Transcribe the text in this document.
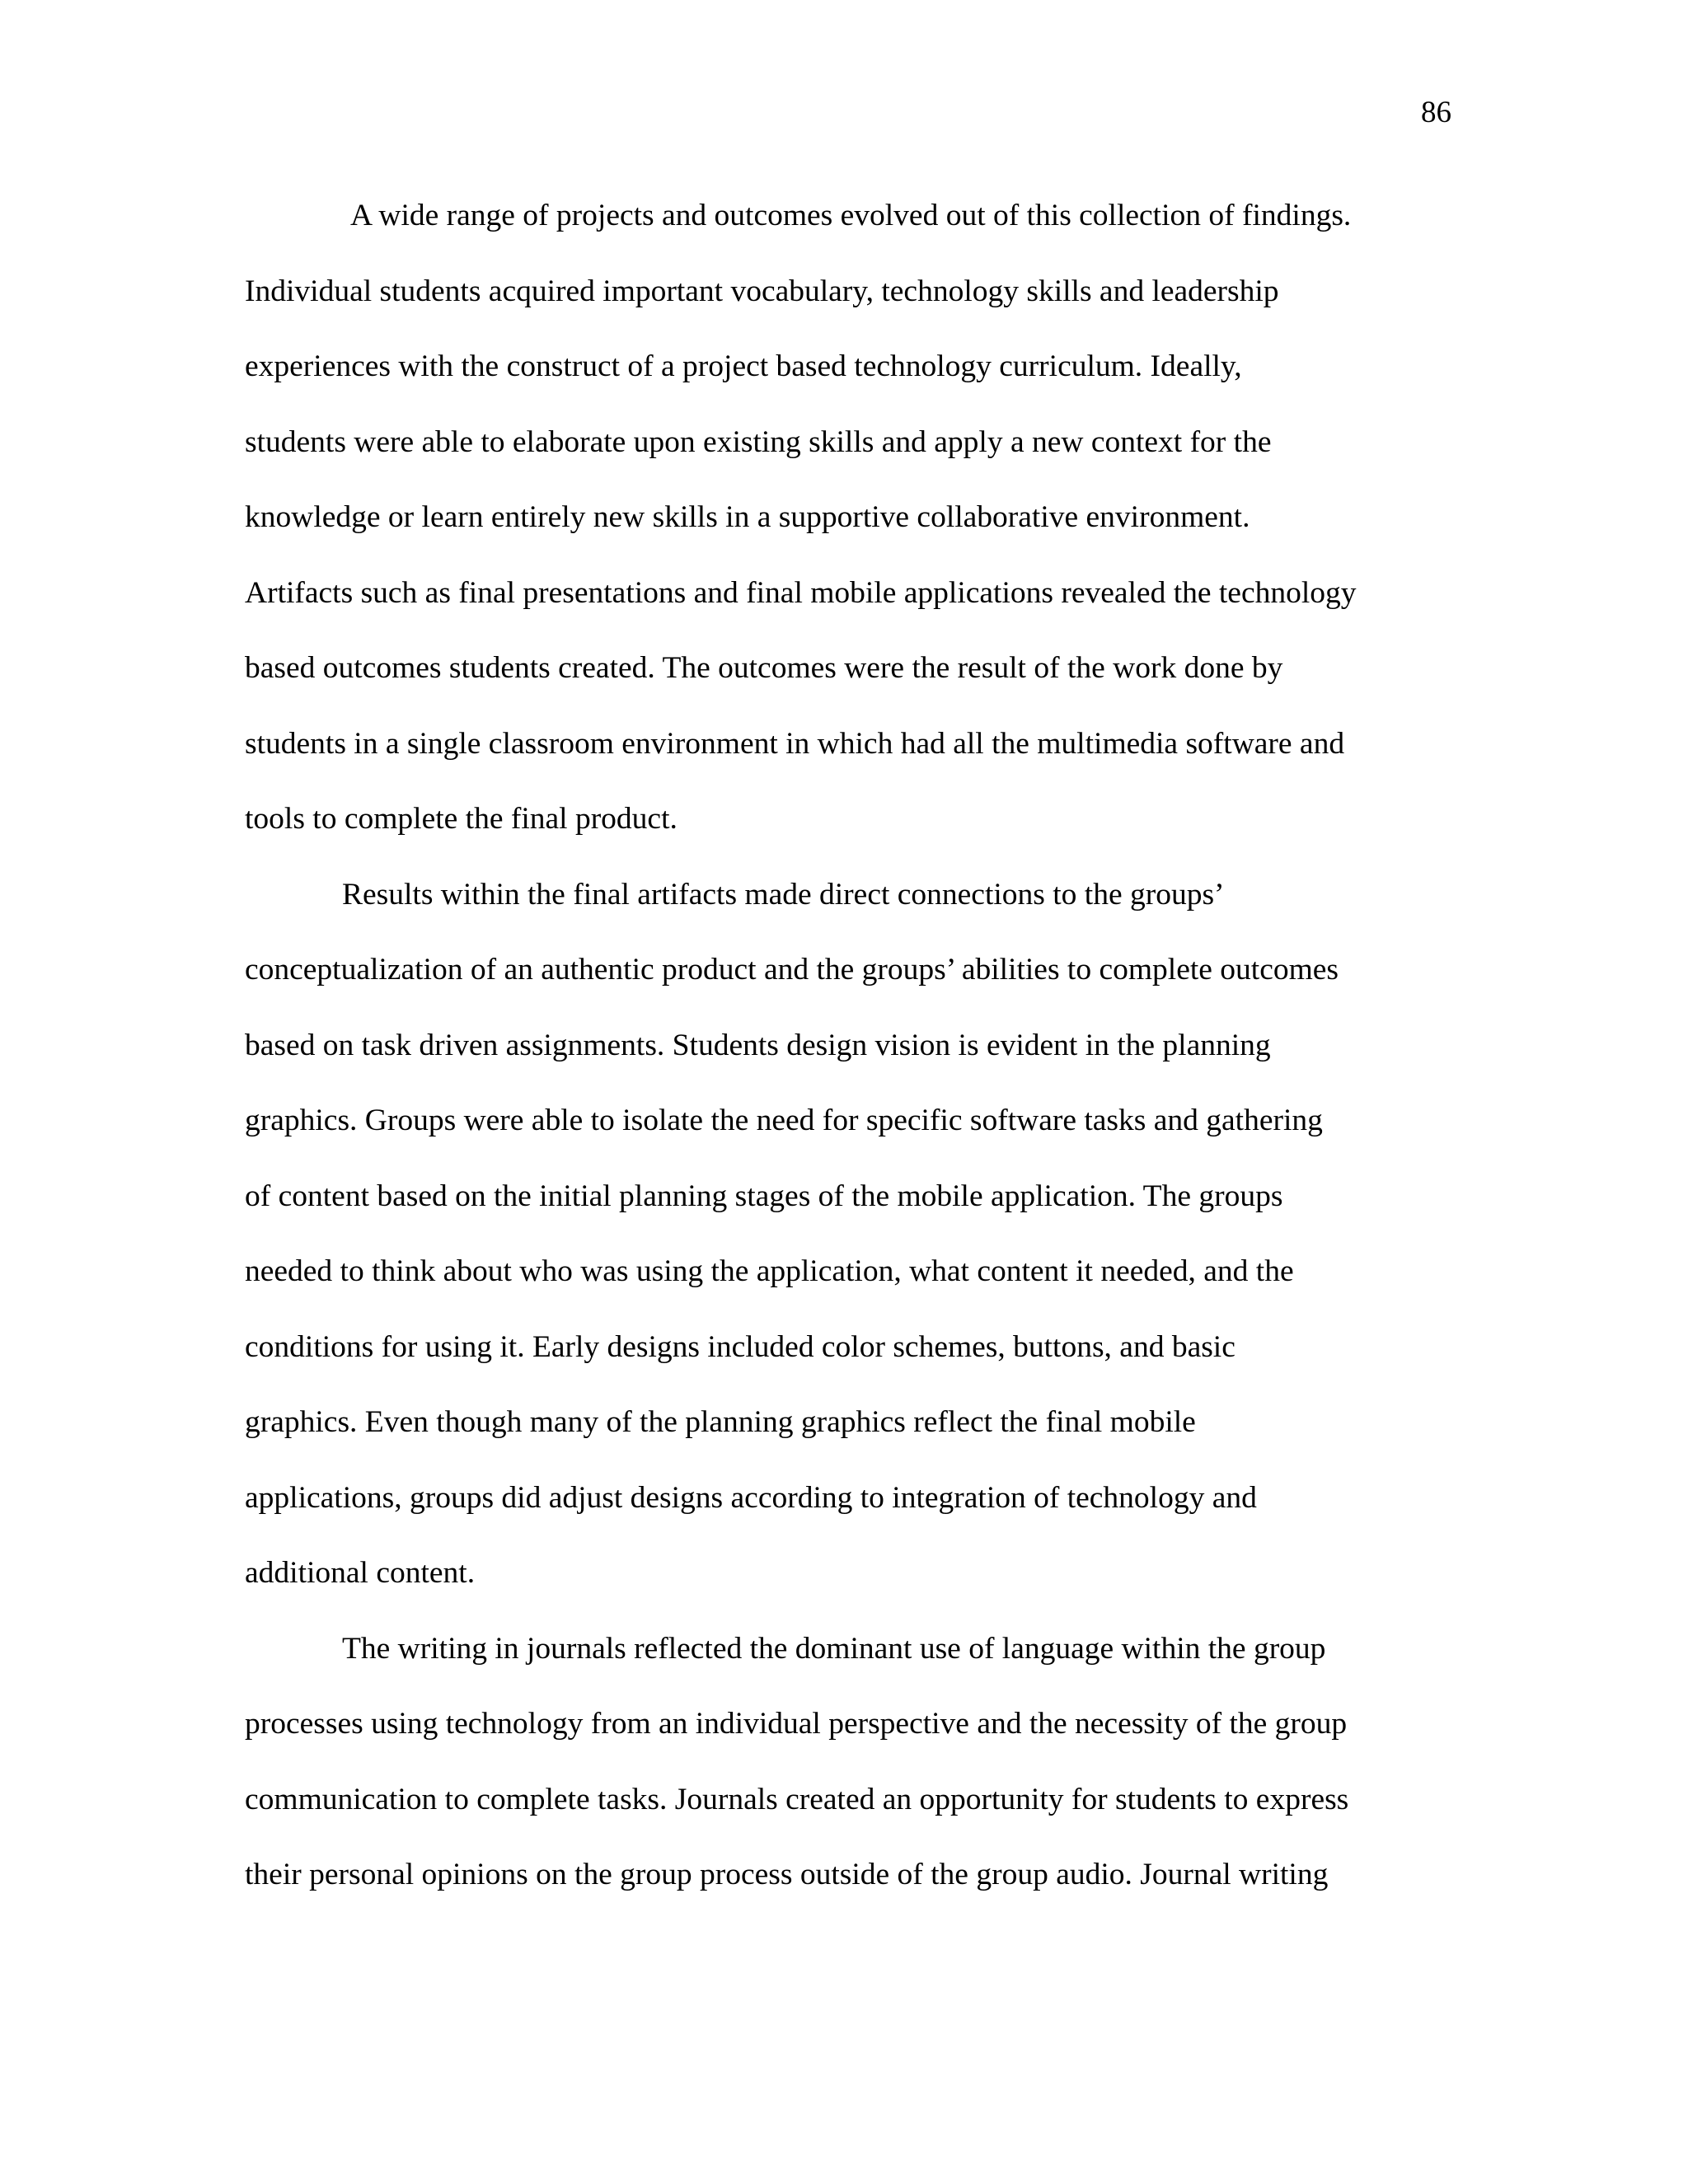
86
A wide range of projects and outcomes evolved out of this collection of findings.
Individual students acquired important vocabulary, technology skills and leadership
experiences with the construct of a project based technology curriculum. Ideally,
students were able to elaborate upon existing skills and apply a new context for the
knowledge or learn entirely new skills in a supportive collaborative environment.
Artifacts such as final presentations and final mobile applications revealed the technology
based outcomes students created. The outcomes were the result of the work done by
students in a single classroom environment in which had all the multimedia software and
tools to complete the final product.
Results within the final artifacts made direct connections to the groups’
conceptualization of an authentic product and the groups’ abilities to complete outcomes
based on task driven assignments. Students design vision is evident in the planning
graphics. Groups were able to isolate the need for specific software tasks and gathering
of content based on the initial planning stages of the mobile application. The groups
needed to think about who was using the application, what content it needed, and the
conditions for using it. Early designs included color schemes, buttons, and basic
graphics. Even though many of the planning graphics reflect the final mobile
applications, groups did adjust designs according to integration of technology and
additional content.
The writing in journals reflected the dominant use of language within the group
processes using technology from an individual perspective and the necessity of the group
communication to complete tasks. Journals created an opportunity for students to express
their personal opinions on the group process outside of the group audio. Journal writing
